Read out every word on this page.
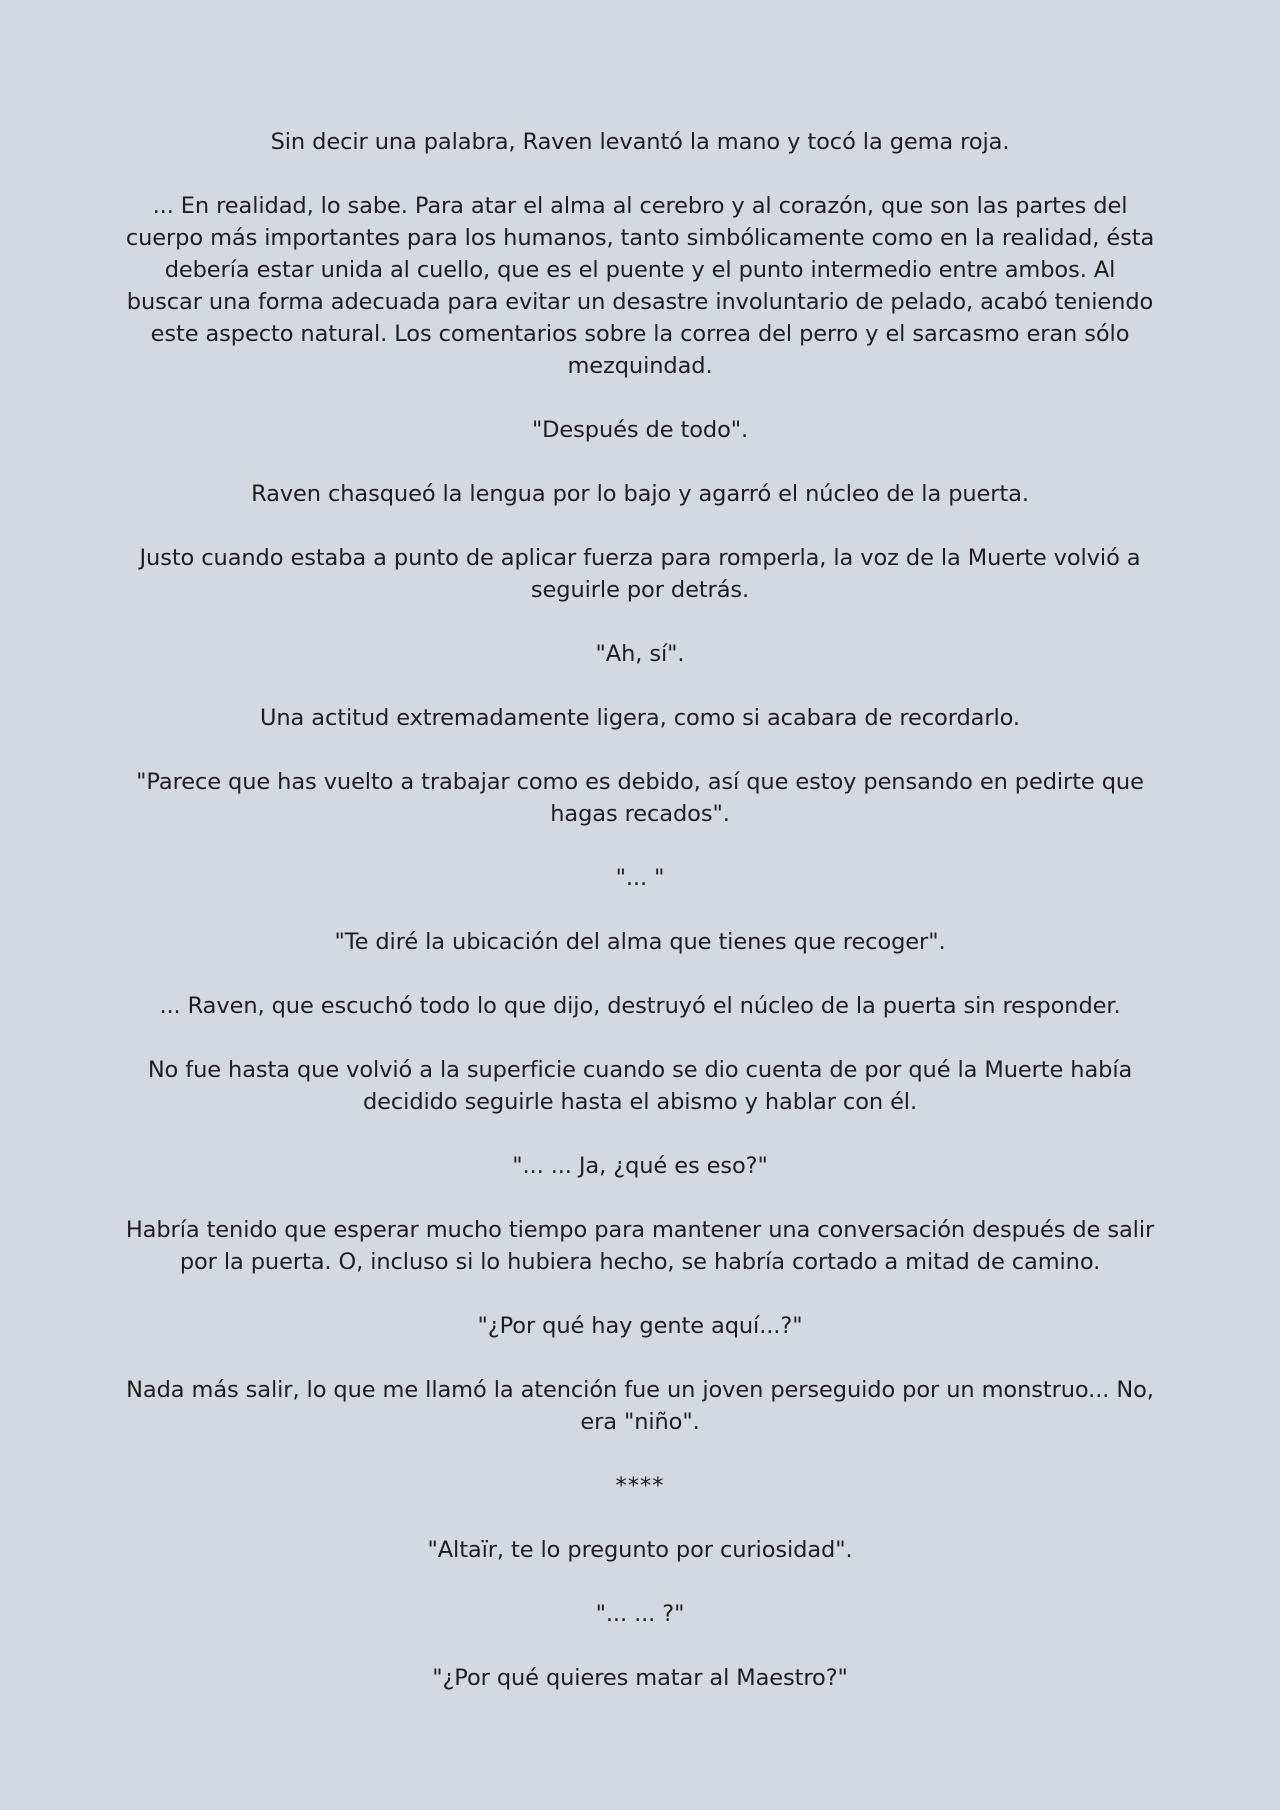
Sin decir una palabra, Raven levantó la mano y tocó la gema roja.

... En realidad, lo sabe. Para atar el alma al cerebro y al corazón, que son las partes del cuerpo más importantes para los humanos, tanto simbólicamente como en la realidad, ésta debería estar unida al cuello, que es el puente y el punto intermedio entre ambos. Al buscar una forma adecuada para evitar un desastre involuntario de pelado, acabó teniendo este aspecto natural. Los comentarios sobre la correa del perro y el sarcasmo eran sólo mezquindad.

"Después de todo".

Raven chasqueó la lengua por lo bajo y agarró el núcleo de la puerta.

Justo cuando estaba a punto de aplicar fuerza para romperla, la voz de la Muerte volvió a seguirle por detrás.

"Ah, sí".

Una actitud extremadamente ligera, como si acabara de recordarlo.

"Parece que has vuelto a trabajar como es debido, así que estoy pensando en pedirte que hagas recados".

"... "

"Te diré la ubicación del alma que tienes que recoger".

... Raven, que escuchó todo lo que dijo, destruyó el núcleo de la puerta sin responder.

No fue hasta que volvió a la superficie cuando se dio cuenta de por qué la Muerte había decidido seguirle hasta el abismo y hablar con él.

"... ... Ja, ¿qué es eso?"

Habría tenido que esperar mucho tiempo para mantener una conversación después de salir por la puerta. O, incluso si lo hubiera hecho, se habría cortado a mitad de camino.

"¿Por qué hay gente aquí...?"

Nada más salir, lo que me llamó la atención fue un joven perseguido por un monstruo... No, era "niño".

****

"Altaïr, te lo pregunto por curiosidad".

"... ... ?"

"¿Por qué quieres matar al Maestro?"
